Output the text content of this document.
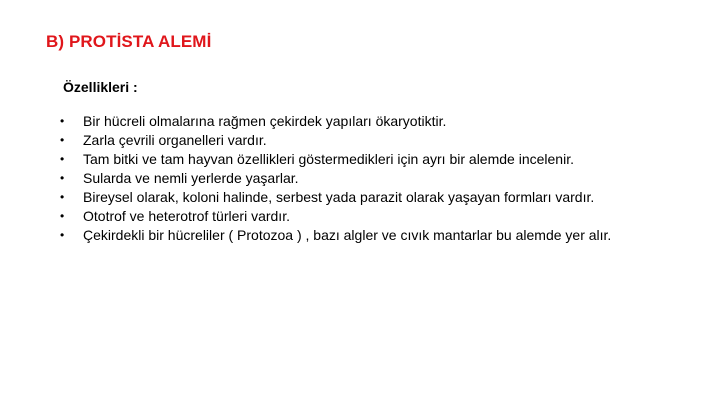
B) PROTİSTA ALEMİ
Özellikleri :
• Bir hücreli olmalarına rağmen çekirdek yapıları ökaryotiktir.
• Zarla çevrili organelleri vardır.
• Tam bitki ve tam hayvan özellikleri göstermedikleri için ayrı bir alemde incelenir.
• Sularda ve nemli yerlerde yaşarlar.
• Bireysel olarak, koloni halinde, serbest yada parazit olarak yaşayan formları vardır.
• Ototrof ve heterotrof türleri vardır.
• Çekirdekli bir hücreliler ( Protozoa ) , bazı algler ve cıvık mantarlar bu alemde yer alır.
